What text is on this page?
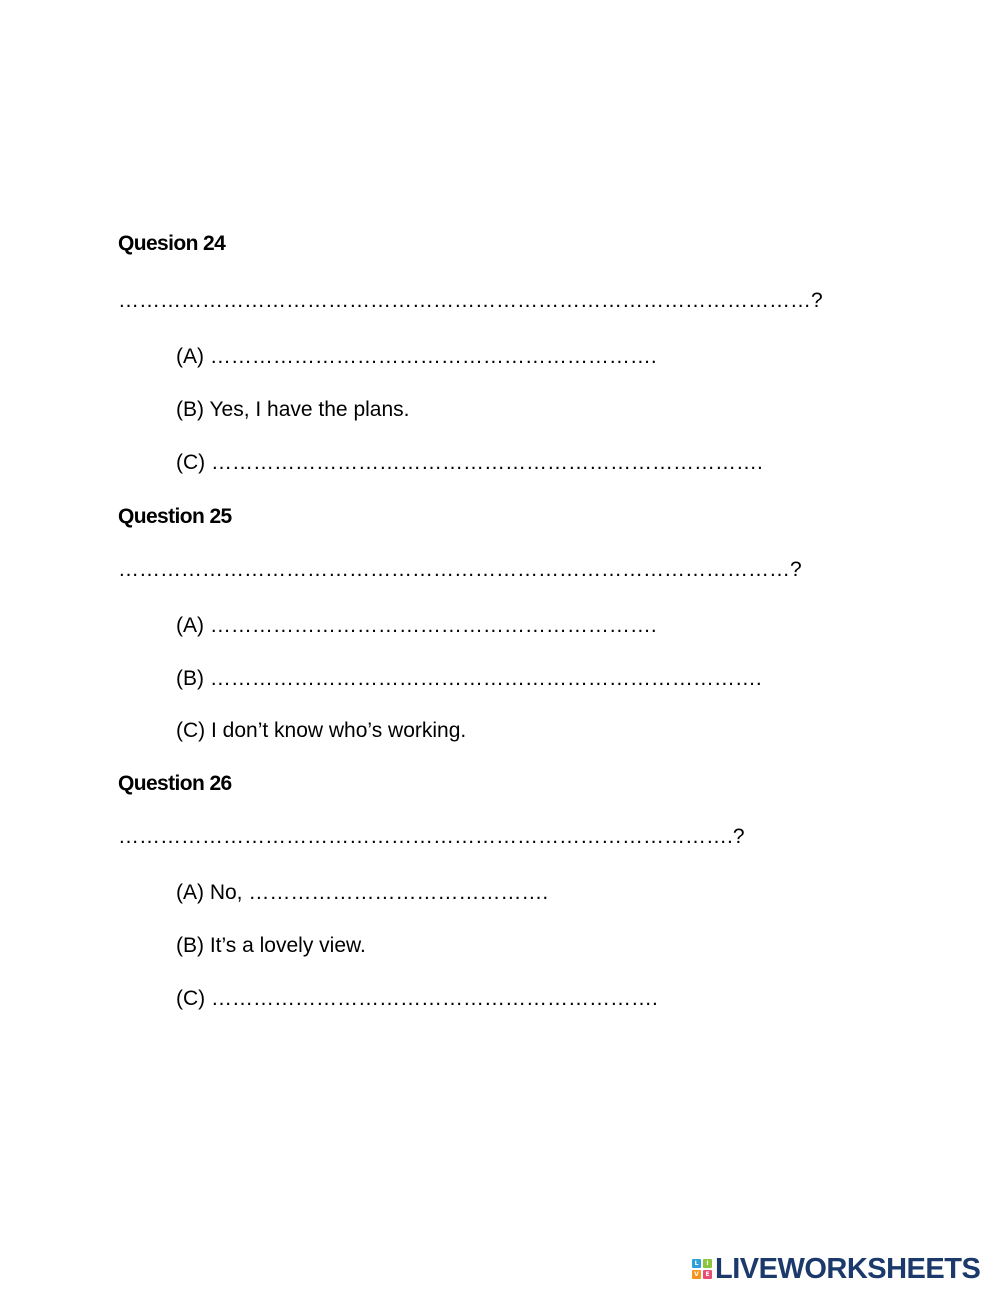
Quesion 24
………………………………………………………………………………………?
(A) ……………………………………………………….
(B) Yes, I have the plans.
(C) …………………………………………………………………….
Question 25
……………………………………………………………………………………?
(A) ……………………………………………………….
(B) …………………………………………………………………….
(C) I don’t know who’s working.
Question 26
…………………………………………………………………………….?
(A) No, …………………………………….
(B) It’s a lovely view.
(C) ……………………………………………………….
L	I
V	E LIVEWORKSHEETS
